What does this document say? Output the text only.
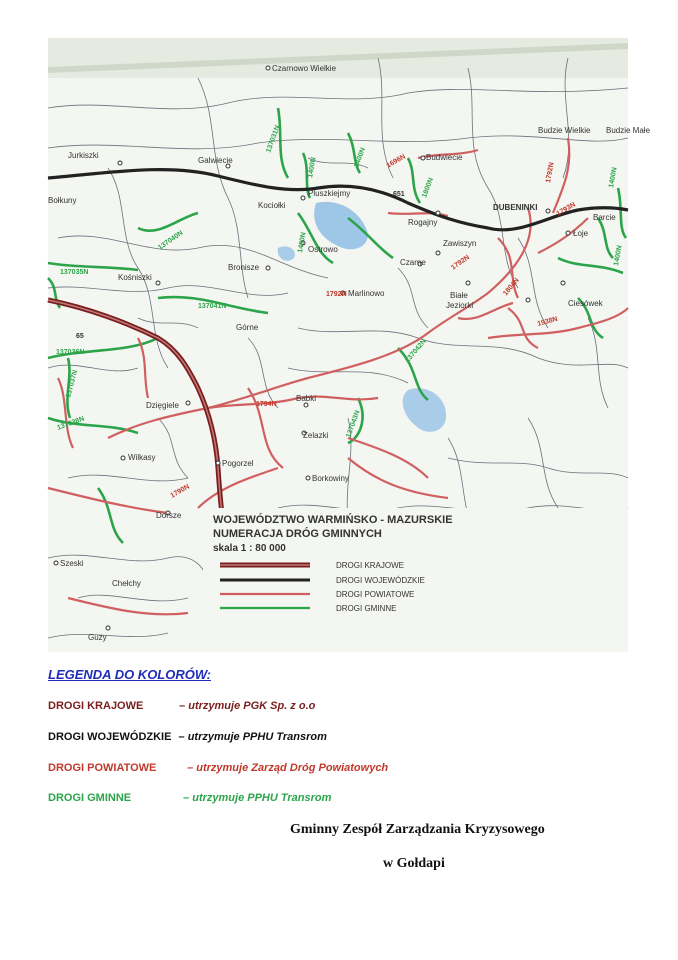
Czarnowo Wielkie
Jurkiszki
Galwiecie
Bołkuny
Budzie Wielkie Budzie Małe
Budwiecie
Kociołki
Pluszkiejmy
Rogajny
DUBENINKI
Barcie
Łoje
Zawiszyn
Ostrowo
Czarne
Bronisze
Kośniszki
Marlinowo	Białe
Jeziorki	Ciesówek
Górne
Dzięgiele
Babki
Żelazki
Wilkasy
Pogorzel
Borkowiny
Dorsze
Szeski
Chełchy
Guzy
137031N
1400N	1696N
1400N
1800N
651
1792N
1793N
137040N
137035N
1400N
1792N
137041N
65
137036N
1792N
137037N
137038N
1794N
137043N
137042N
1790N
1938N
1804N
1400N
1400N
WOJEWÓDZTWO WARMIŃSKO - MAZURSKIE
NUMERACJA DRÓG GMINNYCH
skala 1 : 80 000
DROGI KRAJOWE
DROGI WOJEWÓDZKIE
DROGI POWIATOWE
DROGI GMINNE
LEGENDA DO KOLORÓW:
DROGI KRAJOWE	– utrzymuje PGK Sp. z o.o
DROGI WOJEWÓDZKIE – utrzymuje PPHU Transrom
DROGI POWIATOWE	– utrzymuje Zarząd Dróg Powiatowych
DROGI GMINNE	– utrzymuje PPHU Transrom
Gminny Zespół Zarządzania Kryzysowego
w Gołdapi
